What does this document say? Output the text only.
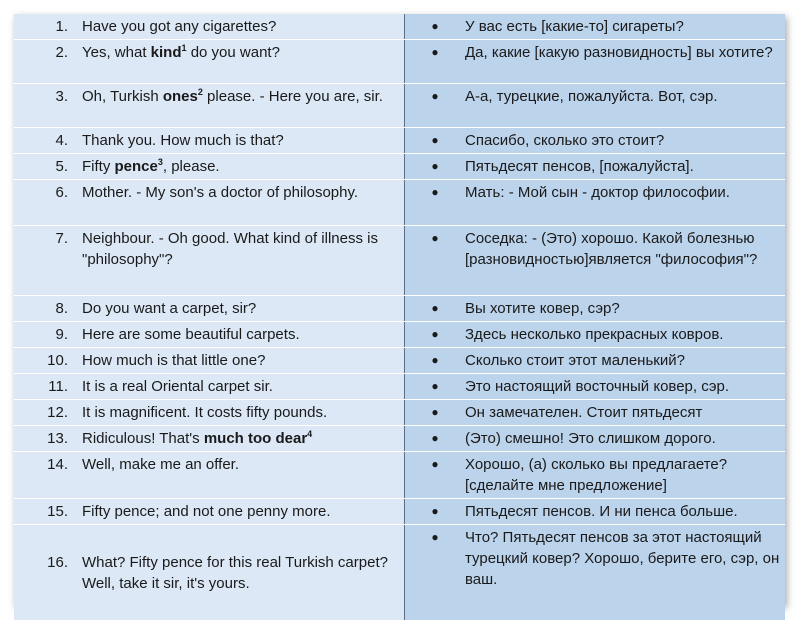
1. Have you got any cigarettes?	● У вас есть [какие-то] сигареты?

2. Yes, what kind$^1$ do you want?	● Да, какие [какую разновидность] вы хотите?

3. Oh, Turkish ones$^2$ please. - Here you are, sir.	● А-а, турецкие, пожалуйста. Вот, сэр.

4. Thank you. How much is that?	● Спасибо, сколько это стоит?

5. Fifty pence$^3$, please.	● Пятьдесят пенсов, [пожалуйста].

6. Mother. - My son's a doctor of philosophy.	● Мать: - Мой сын - доктор философии.

7. Neighbour. - Oh good. What kind of illness is "philosophy"?	● Соседка: - (Это) хорошо. Какой болезнью [разновидностью]является "философия"?

8. Do you want a carpet, sir?	● Вы хотите ковер, сэр?

9. Here are some beautiful carpets.	● Здесь несколько прекрасных ковров.

10. How much is that little one?	● Сколько стоит этот маленький?

11. It is a real Oriental carpet sir.	● Это настоящий восточный ковер, сэр.

12. It is magnificent. It costs fifty pounds.	● Он замечателен. Стоит пятьдесят

13. Ridiculous! That's much too dear$^4$	● (Это) смешно! Это слишком дорого.

14. Well, make me an offer.	● Хорошо, (а) сколько вы предлагаете? [сделайте мне предложение]

15. Fifty pence; and not one penny more.	● Пятьдесят пенсов. И ни пенса больше.

16. What? Fifty pence for this real Turkish carpet? Well, take it sir, it's yours.	● Что? Пятьдесят пенсов за этот настоящий турецкий ковер? Хорошо, берите его, сэр, он ваш.
